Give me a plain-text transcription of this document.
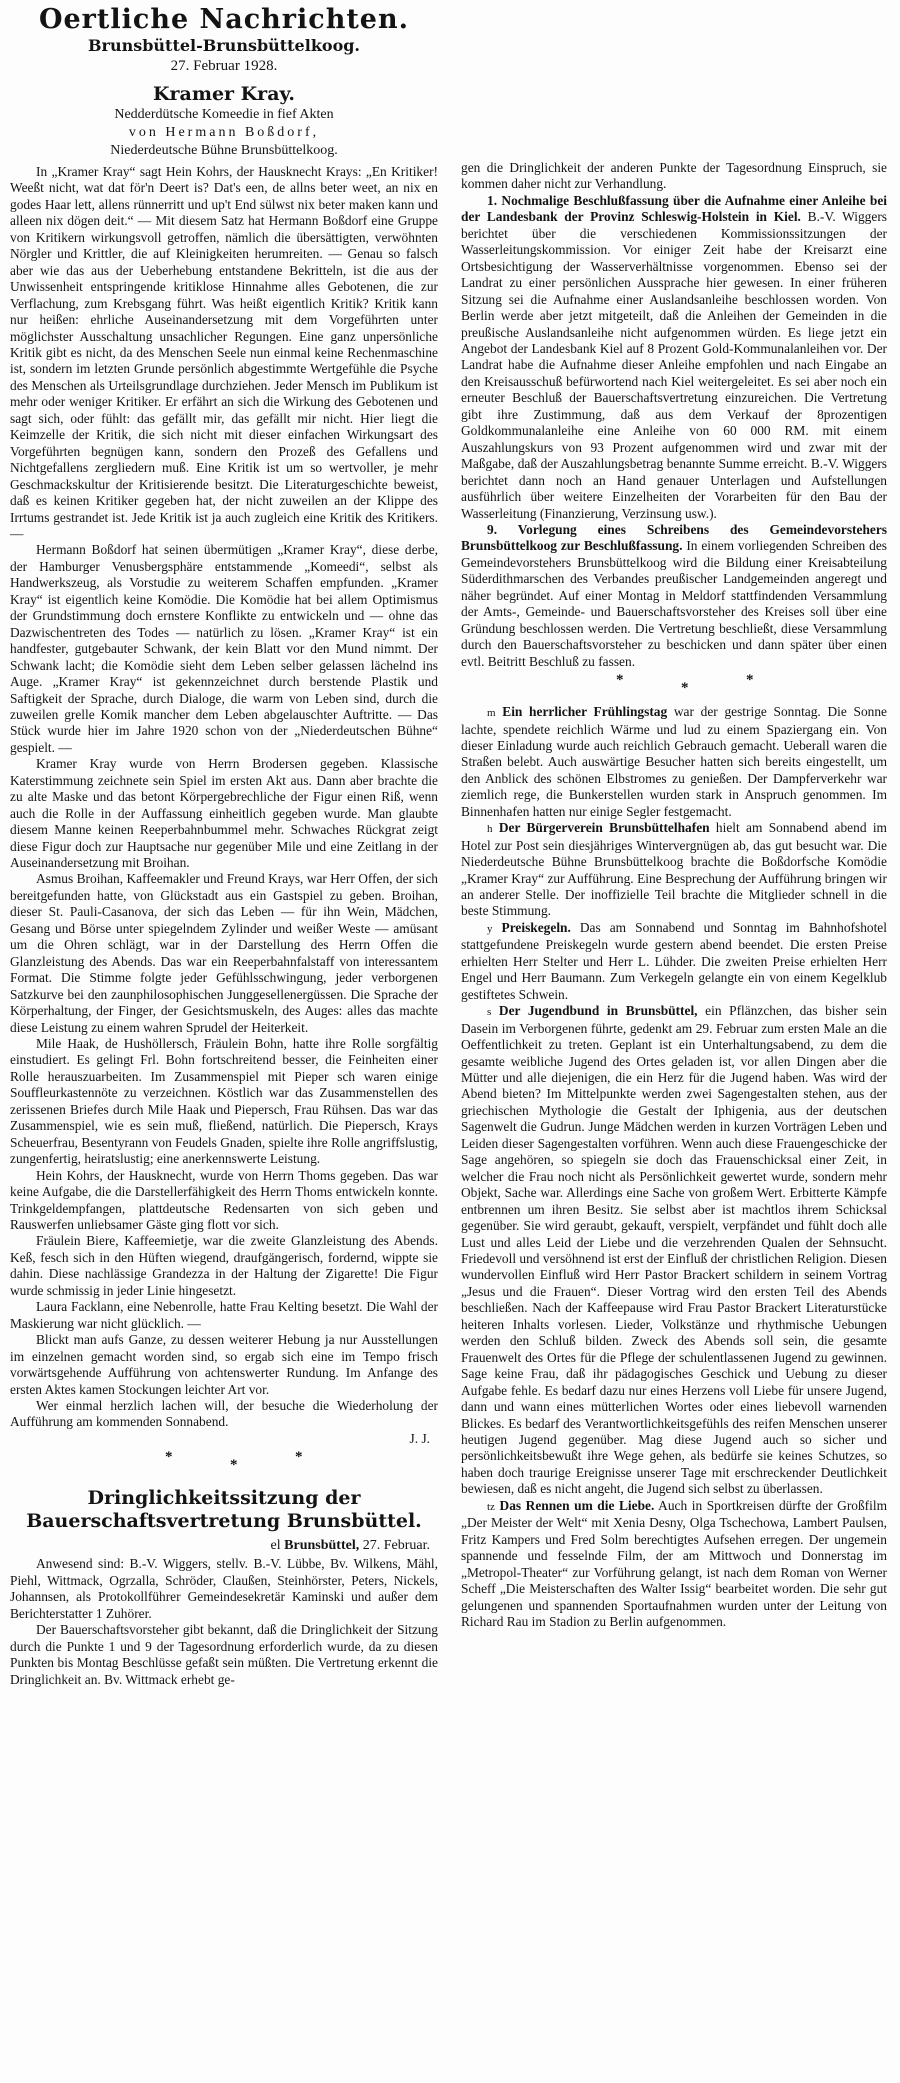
Oertliche Nachrichten.
Brunsbüttel-Brunsbüttelkoog.
27. Februar 1928.
Kramer Kray.
Nedderdütsche Komeedie in fief Akten
von Hermann Boßdorf,
Niederdeutsche Bühne Brunsbüttelkoog.

In „Kramer Kray“ sagt Hein Kohrs, der Hausknecht Krays: „En Kritiker! Weeßt nicht, wat dat för'n Deert is? Dat's een, de allns beter weet, an nix en godes Haar lett, allens rünnerritt und up't End sülwst nix beter maken kann und alleen nix dögen deit.“ — Mit diesem Satz hat Hermann Boßdorf eine Gruppe von Kritikern wirkungsvoll getroffen, nämlich die übersättigten, verwöhnten Nörgler und Krittler, die auf Kleinigkeiten herumreiten. — Genau so falsch aber wie das aus der Ueberhebung entstandene Bekritteln, ist die aus der Unwissenheit entspringende kritiklose Hinnahme alles Gebotenen, die zur Verflachung, zum Krebsgang führt. Was heißt eigentlich Kritik? Kritik kann nur heißen: ehrliche Auseinandersetzung mit dem Vorgeführten unter möglichster Ausschaltung unsachlicher Regungen. Eine ganz unpersönliche Kritik gibt es nicht, da des Menschen Seele nun einmal keine Rechenmaschine ist, sondern im letzten Grunde persönlich abgestimmte Wertgefühle die Psyche des Menschen als Urteilsgrundlage durchziehen. Jeder Mensch im Publikum ist mehr oder weniger Kritiker. Er erfährt an sich die Wirkung des Gebotenen und sagt sich, oder fühlt: das gefällt mir, das gefällt mir nicht. Hier liegt die Keimzelle der Kritik, die sich nicht mit dieser einfachen Wirkungsart des Vorgeführten begnügen kann, sondern den Prozeß des Gefallens und Nichtgefallens zergliedern muß. Eine Kritik ist um so wertvoller, je mehr Geschmackskultur der Kritisierende besitzt. Die Literaturgeschichte beweist, daß es keinen Kritiker gegeben hat, der nicht zuweilen an der Klippe des Irrtums gestrandet ist. Jede Kritik ist ja auch zugleich eine Kritik des Kritikers. —

Hermann Boßdorf hat seinen übermütigen „Kramer Kray“, diese derbe, der Hamburger Venusbergsphäre entstammende „Komeedi“, selbst als Handwerkszeug, als Vorstudie zu weiterem Schaffen empfunden. „Kramer Kray“ ist eigentlich keine Komödie. Die Komödie hat bei allem Optimismus der Grundstimmung doch ernstere Konflikte zu entwickeln und — ohne das Dazwischentreten des Todes — natürlich zu lösen. „Kramer Kray“ ist ein handfester, gutgebauter Schwank, der kein Blatt vor den Mund nimmt. Der Schwank lacht; die Komödie sieht dem Leben selber gelassen lächelnd ins Auge. „Kramer Kray“ ist gekennzeichnet durch berstende Plastik und Saftigkeit der Sprache, durch Dialoge, die warm von Leben sind, durch die zuweilen grelle Komik mancher dem Leben abgelauschter Auftritte. — Das Stück wurde hier im Jahre 1920 schon von der „Niederdeutschen Bühne“ gespielt. —

Kramer Kray wurde von Herrn Brodersen gegeben. Klassische Katerstimmung zeichnete sein Spiel im ersten Akt aus. Dann aber brachte die zu alte Maske und das betont Körpergebrechliche der Figur einen Riß, wenn auch die Rolle in der Auffassung einheitlich gegeben wurde. Man glaubte diesem Manne keinen Reeperbahnbummel mehr. Schwaches Rückgrat zeigt diese Figur doch zur Hauptsache nur gegenüber Mile und eine Zeitlang in der Auseinandersetzung mit Broihan.

Asmus Broihan, Kaffeemakler und Freund Krays, war Herr Offen, der sich bereitgefunden hatte, von Glückstadt aus ein Gastspiel zu geben. Broihan, dieser St. Pauli-Casanova, der sich das Leben — für ihn Wein, Mädchen, Gesang und Börse unter spiegelndem Zylinder und weißer Weste — amüsant um die Ohren schlägt, war in der Darstellung des Herrn Offen die Glanzleistung des Abends. Das war ein Reeperbahnfalstaff von interessantem Format. Die Stimme folgte jeder Gefühlsschwingung, jeder verborgenen Satzkurve bei den zaunphilosophischen Junggesellenergüssen. Die Sprache der Körperhaltung, der Finger, der Gesichtsmuskeln, des Auges: alles das machte diese Leistung zu einem wahren Sprudel der Heiterkeit.

Mile Haak, de Hushöllersch, Fräulein Bohn, hatte ihre Rolle sorgfältig einstudiert. Es gelingt Frl. Bohn fortschreitend besser, die Feinheiten einer Rolle herauszuarbeiten. Im Zusammenspiel mit Pieper sch waren einige Soufflеurkastennöte zu verzeichnen. Köstlich war das Zusammenstellen des zerissenen Briefes durch Mile Haak und Piepersch, Frau Rühsen. Das war das Zusammenspiel, wie es sein muß, fließend, natürlich. Die Piepersch, Krays Scheuerfrau, Besentyrann von Feudels Gnaden, spielte ihre Rolle angriffslustig, zungenfertig, heiratslustig; eine anerkennswerte Leistung.

Hein Kohrs, der Hausknecht, wurde von Herrn Thoms gegeben. Das war keine Aufgabe, die die Darstellerfähigkeit des Herrn Thoms entwickeln konnte. Trinkgeldempfangen, plattdeutsche Redensarten von sich geben und Rauswerfen unliebsamer Gäste ging flott vor sich.

Fräulein Biere, Kaffeemietje, war die zweite Glanzleistung des Abends. Keß, fesch sich in den Hüften wiegend, draufgängerisch, fordernd, wippte sie dahin. Diese nachlässige Grandezza in der Haltung der Zigarette! Die Figur wurde schmissig in jeder Linie hingesetzt.

Laura Facklann, eine Nebenrolle, hatte Frau Kelting besetzt. Die Wahl der Maskierung war nicht glücklich. —

Blickt man aufs Ganze, zu dessen weiterer Hebung ja nur Ausstellungen im einzelnen gemacht worden sind, so ergab sich eine im Tempo frisch vorwärtsgehende Aufführung von achtenswerter Rundung. Im Anfange des ersten Aktes kamen Stockungen leichter Art vor.

Wer einmal herzlich lachen will, der besuche die Wiederholung der Aufführung am kommenden Sonnabend.

J. J.
*	*	*
Dringlichkeitssitzung der Bauerschaftsvertretung Brunsbüttel.
el Brunsbüttel, 27. Februar.

Anwesend sind: B.-V. Wiggers, stellv. B.-V. Lübbe, Bv. Wilkens, Mähl, Piehl, Wittmack, Ogrzalla, Schröder, Claußen, Steinhörster, Peters, Nickels, Johannsen, als Protokollführer Gemeindesekretär Kaminski und außer dem Berichterstatter 1 Zuhörer.

Der Bauerschaftsvorsteher gibt bekannt, daß die Dringlichkeit der Sitzung durch die Punkte 1 und 9 der Tagesordnung erforderlich wurde, da zu diesen Punkten bis Montag Beschlüsse gefaßt sein müßten. Die Vertretung erkennt die Dringlichkeit an. Bv. Wittmack erhebt ge-

gen die Dringlichkeit der anderen Punkte der Tagesordnung Einspruch, sie kommen daher nicht zur Verhandlung.

1. Nochmalige Beschlußfassung über die Aufnahme einer Anleihe bei der Landesbank der Provinz Schleswig-Holstein in Kiel. B.-V. Wiggers berichtet über die verschiedenen Kommissionssitzungen der Wasserleitungskommission. Vor einiger Zeit habe der Kreisarzt eine Ortsbesichtigung der Wasserverhältnisse vorgenommen. Ebenso sei der Landrat zu einer persönlichen Aussprache hier gewesen. In einer früheren Sitzung sei die Aufnahme einer Auslandsanleihe beschlossen worden. Von Berlin werde aber jetzt mitgeteilt, daß die Anleihen der Gemeinden in die preußische Auslandsanleihe nicht aufgenommen würden. Es liege jetzt ein Angebot der Landesbank Kiel auf 8 Prozent Gold-Kommunalanleihen vor. Der Landrat habe die Aufnahme dieser Anleihe empfohlen und nach Eingabe an den Kreisausschuß befürwortend nach Kiel weitergeleitet. Es sei aber noch ein erneuter Beschluß der Bauerschaftsvertretung einzureichen. Die Vertretung gibt ihre Zustimmung, daß aus dem Verkauf der 8prozentigen Goldkommunalanleihe eine Anleihe von 60 000 RM. mit einem Auszahlungskurs von 93 Prozent aufgenommen wird und zwar mit der Maßgabe, daß der Auszahlungsbetrag benannte Summe erreicht. B.-V. Wiggers berichtet dann noch an Hand genauer Unterlagen und Aufstellungen ausführlich über weitere Einzelheiten der Vorarbeiten für den Bau der Wasserleitung (Finanzierung, Verzinsung usw.).

9. Vorlegung eines Schreibens des Gemeindevorstehers Brunsbüttelkoog zur Beschlußfassung. In einem vorliegenden Schreiben des Gemeindevorstehers Brunsbüttelkoog wird die Bildung einer Kreisabteilung Süderdithmarschen des Verbandes preußischer Landgemeinden angeregt und näher begründet. Auf einer Montag in Meldorf stattfindenden Versammlung der Amts-, Gemeinde- und Bauerschaftsvorsteher des Kreises soll über eine Gründung beschlossen werden. Die Vertretung beschließt, diese Versammlung durch den Bauerschaftsvorsteher zu beschicken und dann später über einen evtl. Beitritt Beschluß zu fassen.

*	*	*

m Ein herrlicher Frühlingstag war der gestrige Sonntag. Die Sonne lachte, spendete reichlich Wärme und lud zu einem Spaziergang ein. Von dieser Einladung wurde auch reichlich Gebrauch gemacht. Ueberall waren die Straßen belebt. Auch auswärtige Besucher hatten sich bereits eingestellt, um den Anblick des schönen Elbstromes zu genießen. Der Dampferverkehr war ziemlich rege, die Bunkerstellen wurden stark in Anspruch genommen. Im Binnenhafen hatten nur einige Segler festgemacht.

h Der Bürgerverein Brunsbüttelhafen hielt am Sonnabend abend im Hotel zur Post sein diesjähriges Wintervergnügen ab, das gut besucht war. Die Niederdeutsche Bühne Brunsbüttelkoog brachte die Boßdorfsche Komödie „Kramer Kray“ zur Aufführung. Eine Besprechung der Aufführung bringen wir an anderer Stelle. Der inoffizielle Teil brachte die Mitglieder schnell in die beste Stimmung.

y Preiskegeln. Das am Sonnabend und Sonntag im Bahnhofshotel stattgefundene Preiskegeln wurde gestern abend beendet. Die ersten Preise erhielten Herr Stelter und Herr L. Lühder. Die zweiten Preise erhielten Herr Engel und Herr Baumann. Zum Verkegeln gelangte ein von einem Kegelklub gestiftetes Schwein.

s Der Jugendbund in Brunsbüttel, ein Pflänzchen, das bisher sein Dasein im Verborgenen führte, gedenkt am 29. Februar zum ersten Male an die Oeffentlichkeit zu treten. Geplant ist ein Unterhaltungsabend, zu dem die gesamte weibliche Jugend des Ortes geladen ist, vor allen Dingen aber die Mütter und alle diejenigen, die ein Herz für die Jugend haben. Was wird der Abend bieten? Im Mittelpunkte werden zwei Sagengestalten stehen, aus der griechischen Mythologie die Gestalt der Iphigenia, aus der deutschen Sagenwelt die Gudrun. Junge Mädchen werden in kurzen Vorträgen Leben und Leiden dieser Sagengestalten vorführen. Wenn auch diese Frauengeschicke der Sage angehören, so spiegeln sie doch das Frauenschicksal einer Zeit, in welcher die Frau noch nicht als Persönlichkeit gewertet wurde, sondern mehr Objekt, Sache war. Allerdings eine Sache von großem Wert. Erbitterte Kämpfe entbrennen um ihren Besitz. Sie selbst aber ist machtlos ihrem Schicksal gegenüber. Sie wird geraubt, gekauft, verspielt, verpfändet und fühlt doch alle Lust und alles Leid der Liebe und die verzehrenden Qualen der Sehnsucht. Friedevoll und versöhnend ist erst der Einfluß der christlichen Religion. Diesen wundervollen Einfluß wird Herr Pastor Brackert schildern in seinem Vortrag „Jesus und die Frauen“. Dieser Vortrag wird den ersten Teil des Abends beschließen. Nach der Kaffeepause wird Frau Pastor Brackert Literaturstücke heiteren Inhalts vorlesen. Lieder, Volkstänze und rhythmische Uebungen werden den Schluß bilden. Zweck des Abends soll sein, die gesamte Frauenwelt des Ortes für die Pflege der schulentlassenen Jugend zu gewinnen. Sage keine Frau, daß ihr pädagogisches Geschick und Uebung zu dieser Aufgabe fehle. Es bedarf dazu nur eines Herzens voll Liebe für unsere Jugend, dann und wann eines mütterlichen Wortes oder eines liebevoll warnenden Blickes. Es bedarf des Verantwortlichkeitsgefühls des reifen Menschen unserer heutigen Jugend gegenüber. Mag diese Jugend auch so sicher und persönlichkeitsbewußt ihre Wege gehen, als bedürfe sie keines Schutzes, so haben doch traurige Ereignisse unserer Tage mit erschreckender Deutlichkeit bewiesen, daß es nicht angeht, die Jugend sich selbst zu überlassen.

tz Das Rennen um die Liebe. Auch in Sportkreisen dürfte der Großfilm „Der Meister der Welt“ mit Xenia Desny, Olga Tschechowa, Lambert Paulsen, Fritz Kampers und Fred Solm berechtigtes Aufsehen erregen. Der ungemein spannende und fesselnde Film, der am Mittwoch und Donnerstag im „Metropol-Theater“ zur Vorführung gelangt, ist nach dem Roman von Werner Scheff „Die Meisterschaften des Walter Issig“ bearbeitet worden. Die sehr gut gelungenen und spannenden Sportaufnahmen wurden unter der Leitung von Richard Rau im Stadion zu Berlin aufgenommen.
